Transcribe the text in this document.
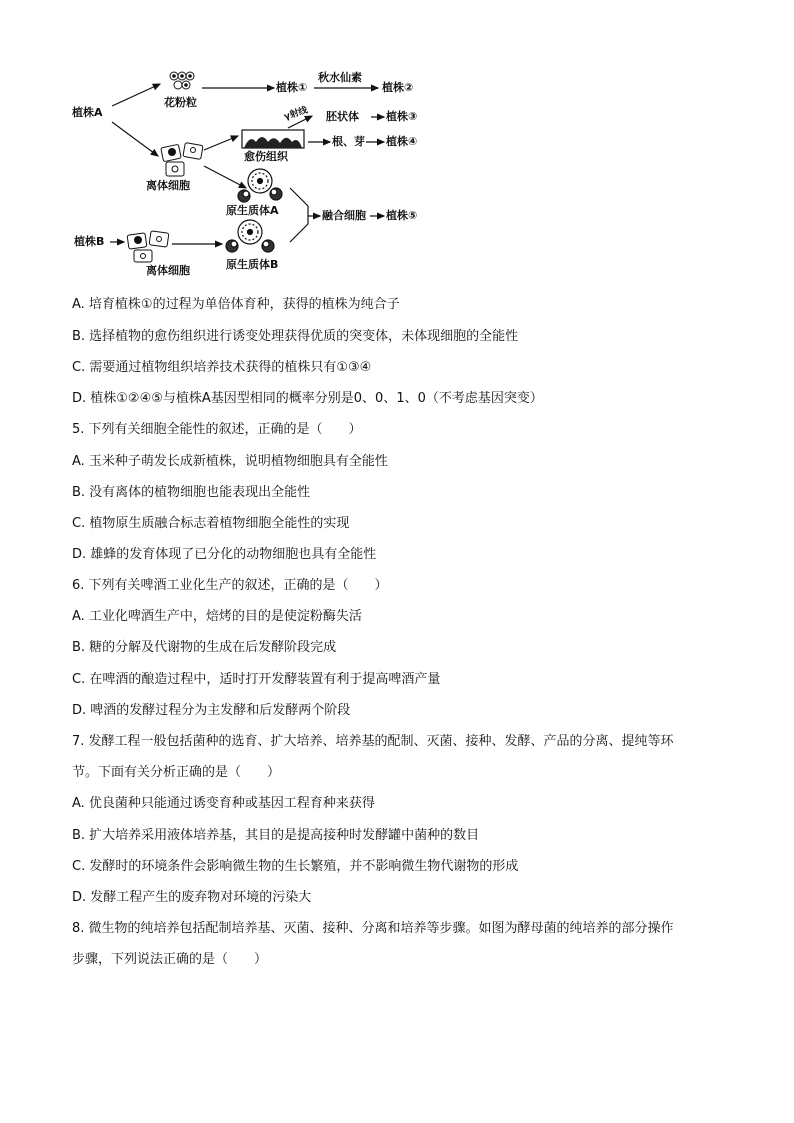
植株A
花粉粒
离体细胞
植株①
秋水仙素
植株②
γ射线 胚状体 植株③
愈伤组织
根、芽 植株④
原生质体A	融合细胞 植株⑤
植株B
离体细胞	原生质体B
A. 培育植株①的过程为单倍体育种，获得的植株为纯合子
B. 选择植物的愈伤组织进行诱变处理获得优质的突变体，未体现细胞的全能性
C. 需要通过植物组织培养技术获得的植株只有①③④
D. 植株①②④⑤与植株A基因型相同的概率分别是0、0、1、0（不考虑基因突变）
5. 下列有关细胞全能性的叙述，正确的是（　　）
A. 玉米种子萌发长成新植株，说明植物细胞具有全能性
B. 没有离体的植物细胞也能表现出全能性
C. 植物原生质融合标志着植物细胞全能性的实现
D. 雄蜂的发育体现了已分化的动物细胞也具有全能性
6. 下列有关啤酒工业化生产的叙述，正确的是（　　）
A. 工业化啤酒生产中，焙烤的目的是使淀粉酶失活
B. 糖的分解及代谢物的生成在后发酵阶段完成
C. 在啤酒的酿造过程中，适时打开发酵装置有利于提高啤酒产量
D. 啤酒的发酵过程分为主发酵和后发酵两个阶段
7. 发酵工程一般包括菌种的选育、扩大培养、培养基的配制、灭菌、接种、发酵、产品的分离、提纯等环
节。下面有关分析正确的是（　　）
A. 优良菌种只能通过诱变育种或基因工程育种来获得
B. 扩大培养采用液体培养基，其目的是提高接种时发酵罐中菌种的数目
C. 发酵时的环境条件会影响微生物的生长繁殖，并不影响微生物代谢物的形成
D. 发酵工程产生的废弃物对环境的污染大
8. 微生物的纯培养包括配制培养基、灭菌、接种、分离和培养等步骤。如图为酵母菌的纯培养的部分操作
步骤，下列说法正确的是（　　）
